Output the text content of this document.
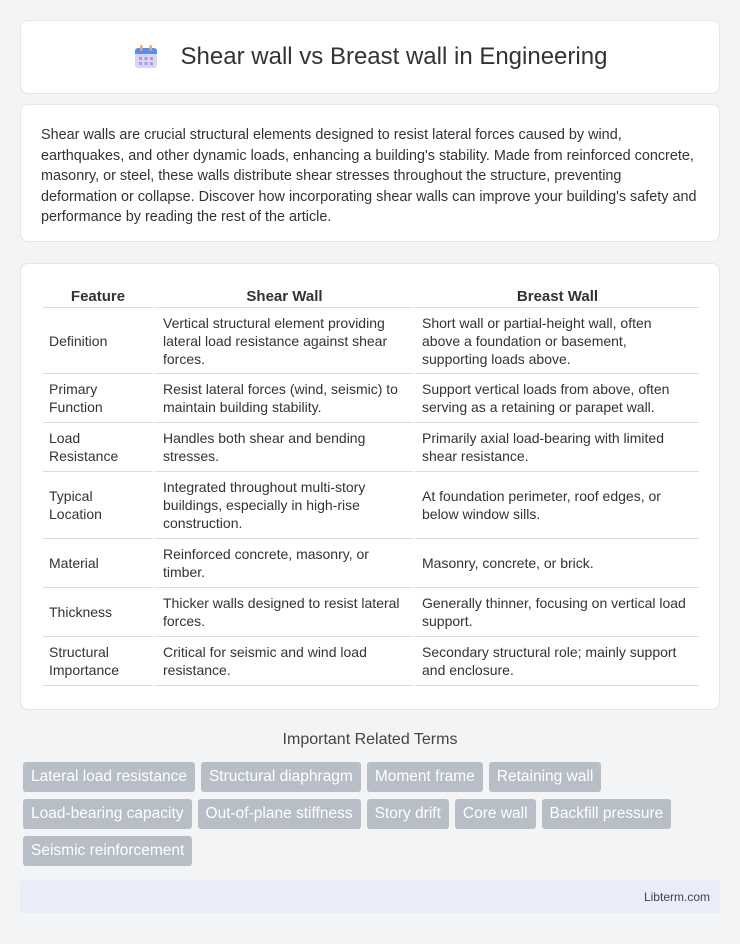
Shear wall vs Breast wall in Engineering

Shear walls are crucial structural elements designed to resist lateral forces caused by wind, earthquakes, and other dynamic loads, enhancing a building's stability. Made from reinforced concrete, masonry, or steel, these walls distribute shear stresses throughout the structure, preventing deformation or collapse. Discover how incorporating shear walls can improve your building's safety and performance by reading the rest of the article.

Feature	Shear Wall	Breast Wall
Definition	Vertical structural element providing lateral load resistance against shear forces.	Short wall or partial-height wall, often above a foundation or basement, supporting loads above.
Primary Function	Resist lateral forces (wind, seismic) to maintain building stability.	Support vertical loads from above, often serving as a retaining or parapet wall.
Load Resistance	Handles both shear and bending stresses.	Primarily axial load-bearing with limited shear resistance.
Typical Location	Integrated throughout multi-story buildings, especially in high-rise construction.	At foundation perimeter, roof edges, or below window sills.
Material	Reinforced concrete, masonry, or timber.	Masonry, concrete, or brick.
Thickness	Thicker walls designed to resist lateral forces.	Generally thinner, focusing on vertical load support.
Structural Importance	Critical for seismic and wind load resistance.	Secondary structural role; mainly support and enclosure.
Important Related Terms
Lateral load resistance	Structural diaphragm	Moment frame	Retaining wall
Load-bearing capacity	Out-of-plane stiffness	Story drift	Core wall	Backfill pressure
Seismic reinforcement
Libterm.com
